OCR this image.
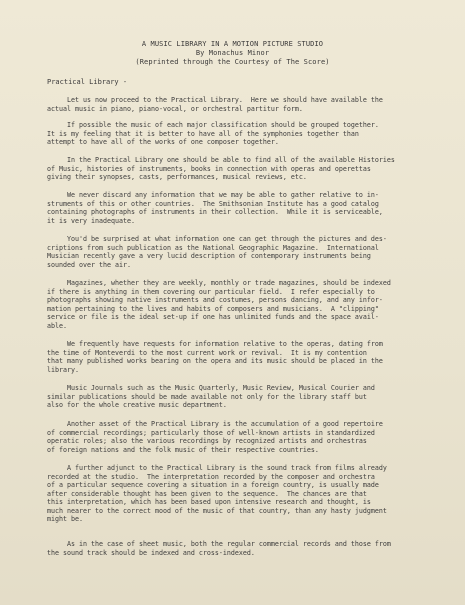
A MUSIC LIBRARY IN A MOTION PICTURE STUDIO
By Monachus Minor
(Reprinted through the Courtesy of The Score)
Practical Library -
Let us now proceed to the Practical Library.  Here we should have available the
actual music in piano, piano-vocal, or orchestral partitur form.
If possible the music of each major classification should be grouped together.
It is my feeling that it is better to have all of the symphonies together than
attempt to have all of the works of one composer together.
In the Practical Library one should be able to find all of the available Histories
of Music, histories of instruments, books in connection with operas and operettas
giving their synopses, casts, performances, musical reviews, etc.
We never discard any information that we may be able to gather relative to in-
struments of this or other countries.  The Smithsonian Institute has a good catalog
containing photographs of instruments in their collection.  While it is serviceable,
it is very inadequate.
You'd be surprised at what information one can get through the pictures and des-
criptions from such publication as the National Geographic Magazine.  International
Musician recently gave a very lucid description of contemporary instruments being
sounded over the air.
Magazines, whether they are weekly, monthly or trade magazines, should be indexed
if there is anything in them covering our particular field.  I refer especially to
photographs showing native instruments and costumes, persons dancing, and any infor-
mation pertaining to the lives and habits of composers and musicians.  A "clipping"
service or file is the ideal set-up if one has unlimited funds and the space avail-
able.
We frequently have requests for information relative to the operas, dating from
the time of Monteverdi to the most current work or revival.  It is my contention
that many published works bearing on the opera and its music should be placed in the
library.
Music Journals such as the Music Quarterly, Music Review, Musical Courier and
similar publications should be made available not only for the library staff but
also for the whole creative music department.
Another asset of the Practical Library is the accumulation of a good repertoire
of commercial recordings; particularly those of well-known artists in standardized
operatic roles; also the various recordings by recognized artists and orchestras
of foreign nations and the folk music of their respective countries.
A further adjunct to the Practical Library is the sound track from films already
recorded at the studio.  The interpretation recorded by the composer and orchestra
of a particular sequence covering a situation in a foreign country, is usually made
after considerable thought has been given to the sequence.  The chances are that
this interpretation, which has been based upon intensive research and thought, is
much nearer to the correct mood of the music of that country, than any hasty judgment
might be.
As in the case of sheet music, both the regular commercial records and those from
the sound track should be indexed and cross-indexed.
